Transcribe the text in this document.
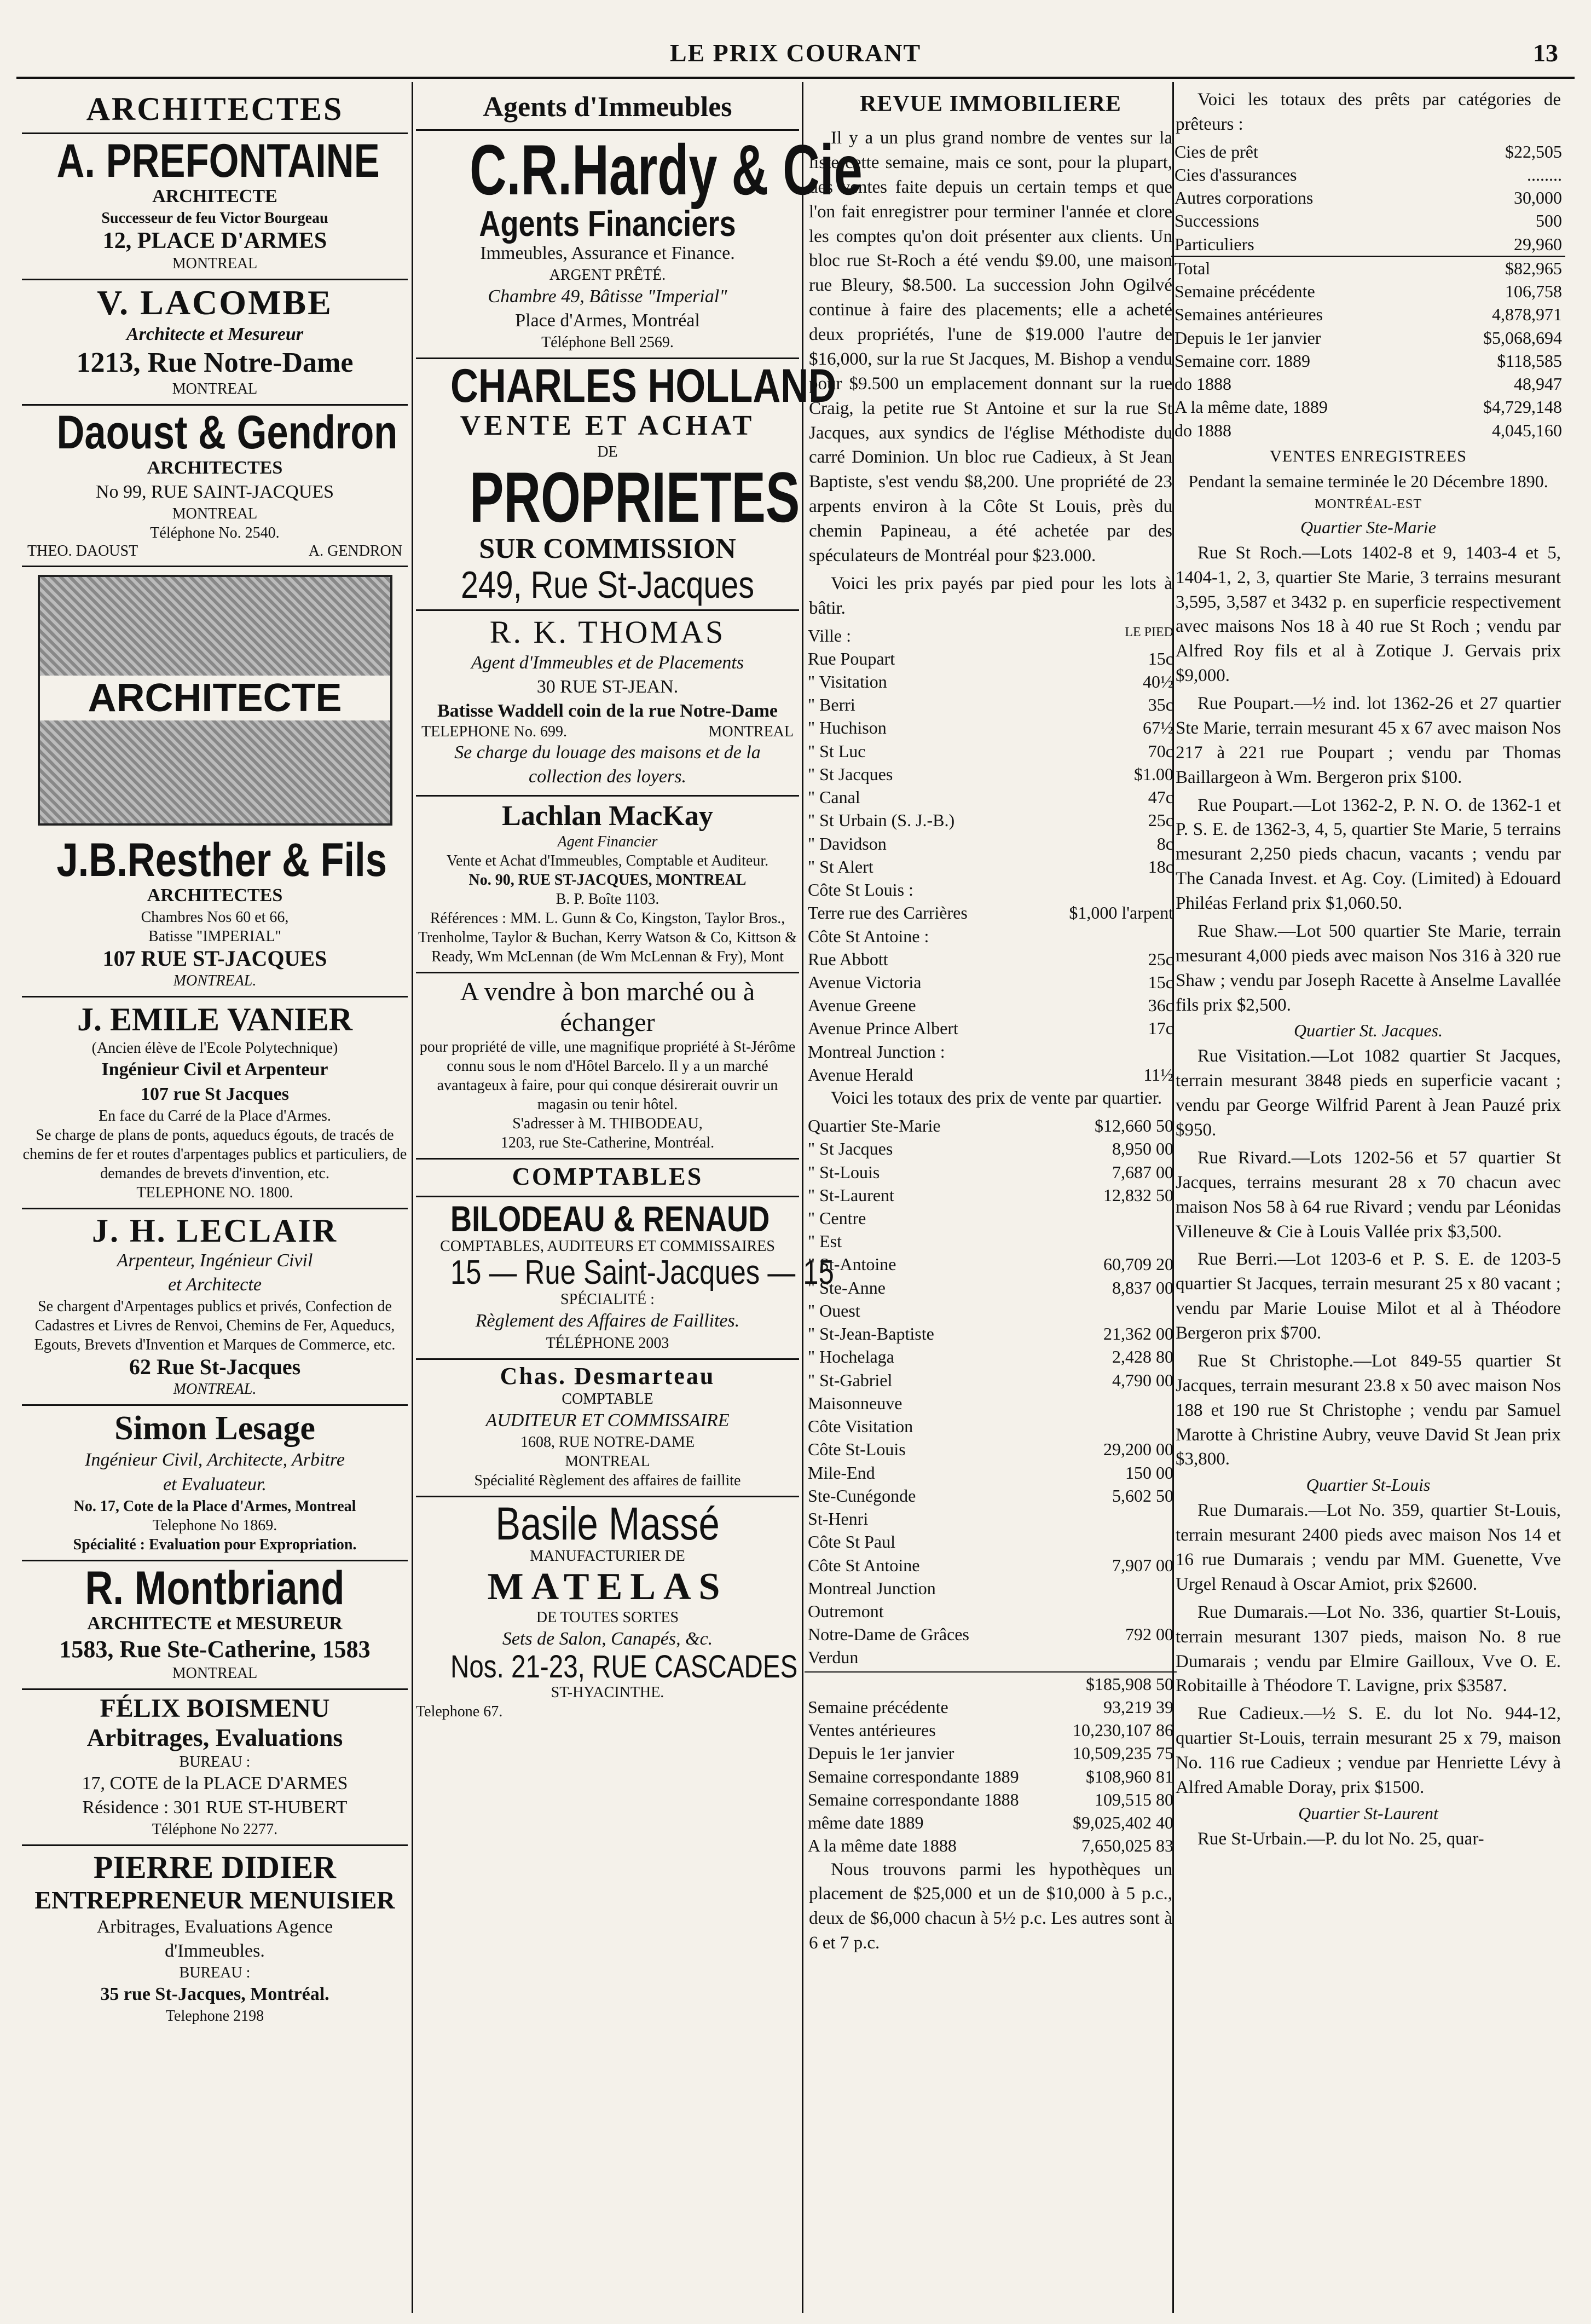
LE PRIX COURANT	13
ARCHITECTES
A. PREFONTAINE
ARCHITECTE
Successeur de feu Victor Bourgeau
12, PLACE D'ARMES
MONTREAL
V. LACOMBE
Architecte et Mesureur
1213, Rue Notre-Dame
MONTREAL
Daoust & Gendron
ARCHITECTES
No 99, RUE SAINT-JACQUES
MONTREAL
Téléphone No. 2540.
THEO. DAOUST	A. GENDRON
ARCHITECTE
J.B.Resther & Fils
ARCHITECTES
Chambres Nos 60 et 66,
Batisse "IMPERIAL"
107 RUE ST-JACQUES
MONTREAL.
J. EMILE VANIER
(Ancien élève de l'Ecole Polytechnique)
Ingénieur Civil et Arpenteur
107 rue St Jacques
En face du Carré de la Place d'Armes.
Se charge de plans de ponts, aqueducs égouts, de tracés de chemins de fer et routes d'arpentages publics et particuliers, de demandes de brevets d'invention, etc.
TELEPHONE NO. 1800.
J. H. LECLAIR
Arpenteur, Ingénieur Civil
et Architecte
Se chargent d'Arpentages publics et privés, Confection de Cadastres et Livres de Renvoi, Chemins de Fer, Aqueducs, Egouts, Brevets d'Invention et Marques de Commerce, etc.
62 Rue St-Jacques
MONTREAL.
Simon Lesage
Ingénieur Civil, Architecte, Arbitre
et Evaluateur.
No. 17, Cote de la Place d'Armes, Montreal
Telephone No 1869.
Spécialité : Evaluation pour Expropriation.
R. Montbriand
ARCHITECTE et MESUREUR
1583, Rue Ste-Catherine, 1583
MONTREAL
FÉLIX BOISMENU
Arbitrages, Evaluations
BUREAU :
17, COTE de la PLACE D'ARMES
Résidence : 301 RUE ST-HUBERT
Téléphone No 2277.
PIERRE DIDIER
ENTREPRENEUR MENUISIER
Arbitrages, Evaluations Agence
d'Immeubles.
BUREAU :
35 rue St-Jacques, Montréal.
Telephone 2198
Agents d'Immeubles
C.R.Hardy & Cie
Agents Financiers
Immeubles, Assurance et Finance.
ARGENT PRÊTÉ.
Chambre 49, Bâtisse "Imperial"
Place d'Armes, Montréal
Téléphone Bell 2569.
CHARLES HOLLAND
VENTE ET ACHAT
DE
PROPRIETES
SUR COMMISSION
249, Rue St-Jacques
R. K. THOMAS
Agent d'Immeubles et de Placements
30 RUE ST-JEAN.
Batisse Waddell coin de la rue Notre-Dame
TELEPHONE No. 699.	MONTREAL
Se charge du louage des maisons et de la collection des loyers.
Lachlan MacKay
Agent Financier
Vente et Achat d'Immeubles, Comptable et Auditeur.
No. 90, RUE ST-JACQUES, MONTREAL
B. P. Boîte 1103.
Références : MM. L. Gunn & Co, Kingston, Taylor Bros., Trenholme, Taylor & Buchan, Kerry Watson & Co, Kittson & Ready, Wm McLennan (de Wm McLennan & Fry), Mont
A vendre à bon marché ou à échanger
pour propriété de ville, une magnifique propriété à St-Jérôme connu sous le nom d'Hôtel Barcelo. Il y a un marché avantageux à faire, pour qui conque désirerait ouvrir un magasin ou tenir hôtel.
S'adresser à M. THIBODEAU,
1203, rue Ste-Catherine, Montréal.
COMPTABLES
BILODEAU & RENAUD
COMPTABLES, AUDITEURS ET COMMISSAIRES
15 — Rue Saint-Jacques — 15
SPÉCIALITÉ :
Règlement des Affaires de Faillites.
TÉLÉPHONE 2003
Chas. Desmarteau
COMPTABLE
AUDITEUR ET COMMISSAIRE
1608, RUE NOTRE-DAME
MONTREAL
Spécialité Règlement des affaires de faillite
Basile Massé
MANUFACTURIER DE
MATELAS
DE TOUTES SORTES
Sets de Salon, Canapés, &c.
Nos. 21-23, RUE CASCADES
ST-HYACINTHE.
Telephone 67.
REVUE IMMOBILIERE

Il y a un plus grand nombre de ventes sur la liste cette semaine, mais ce sont, pour la plupart, des ventes faite depuis un certain temps et que l'on fait enregistrer pour terminer l'année et clore les comptes qu'on doit présenter aux clients. Un bloc rue St-Roch a été vendu $9.00, une maison rue Bleury, $8.500. La succession John Ogilvé continue à faire des placements; elle a acheté deux propriétés, l'une de $19.000 l'autre de $16,000, sur la rue St Jacques, M. Bishop a vendu pour $9.500 un emplacement donnant sur la rue Craig, la petite rue St Antoine et sur la rue St Jacques, aux syndics de l'église Méthodiste du carré Dominion. Un bloc rue Cadieux, à St Jean Baptiste, s'est vendu $8,200. Une propriété de 23 arpents environ à la Côte St Louis, près du chemin Papineau, a été achetée par des spéculateurs de Montréal pour $23.000.

Voici les prix payés par pied pour les lots à bâtir.

Ville :	LE PIED
Rue Poupart	15c
" Visitation	40½
" Berri	35c
" Huchison	67½
" St Luc	70c
" St Jacques	$1.00
" Canal	47c
" St Urbain (S. J.-B.)	25c
" Davidson	8c
" St Alert	18c
Côte St Louis :	
Terre rue des Carrières	$1,000 l'arpent
Côte St Antoine :	
Rue Abbott	25c
Avenue Victoria	15c
Avenue Greene	36c
Avenue Prince Albert	17c
Montreal Junction :	
Avenue Herald	11½

Voici les totaux des prix de vente par quartier.

Quartier Ste-Marie	$12,660 50
" St Jacques	8,950 00
" St-Louis	7,687 00
" St-Laurent	12,832 50
" Centre	
" Est	
" St-Antoine	60,709 20
" Ste-Anne	8,837 00
" Ouest	
" St-Jean-Baptiste	21,362 00
" Hochelaga	2,428 80
" St-Gabriel	4,790 00
Maisonneuve	
Côte Visitation	
Côte St-Louis	29,200 00
Mile-End	150 00
Ste-Cunégonde	5,602 50
St-Henri	
Côte St Paul	
Côte St Antoine	7,907 00
Montreal Junction	
Outremont	
Notre-Dame de Grâces	792 00
Verdun	
	$185,908 50
Semaine précédente	93,219 39
Ventes antérieures	10,230,107 86
Depuis le 1er janvier	10,509,235 75
Semaine correspondante 1889	$108,960 81
Semaine correspondante 1888	109,515 80
même date 1889	$9,025,402 40
A la même date 1888	7,650,025 83

Nous trouvons parmi les hypothèques un placement de $25,000 et un de $10,000 à 5 p.c., deux de $6,000 chacun à 5½ p.c. Les autres sont à 6 et 7 p.c.

Voici les totaux des prêts par catégories de prêteurs :

Cies de prêt	$22,505
Cies d'assurances	........
Autres corporations	30,000
Successions	500
Particuliers	29,960
Total	$82,965
Semaine précédente	106,758
Semaines antérieures	4,878,971
Depuis le 1er janvier	$5,068,694
Semaine corr. 1889	$118,585
do 1888	48,947
A la même date, 1889	$4,729,148
do 1888	4,045,160
VENTES ENREGISTREES
Pendant la semaine terminée le 20 Décembre 1890.
MONTRÉAL-EST
Quartier Ste-Marie

Rue St Roch.—Lots 1402-8 et 9, 1403-4 et 5, 1404-1, 2, 3, quartier Ste Marie, 3 terrains mesurant 3,595, 3,587 et 3432 p. en superficie respectivement avec maisons Nos 18 à 40 rue St Roch ; vendu par Alfred Roy fils et al à Zotique J. Gervais prix $9,000.

Rue Poupart.—½ ind. lot 1362-26 et 27 quartier Ste Marie, terrain mesurant 45 x 67 avec maison Nos 217 à 221 rue Poupart ; vendu par Thomas Baillargeon à Wm. Bergeron prix $100.

Rue Poupart.—Lot 1362-2, P. N. O. de 1362-1 et P. S. E. de 1362-3, 4, 5, quartier Ste Marie, 5 terrains mesurant 2,250 pieds chacun, vacants ; vendu par The Canada Invest. et Ag. Coy. (Limited) à Edouard Philéas Ferland prix $1,060.50.

Rue Shaw.—Lot 500 quartier Ste Marie, terrain mesurant 4,000 pieds avec maison Nos 316 à 320 rue Shaw ; vendu par Joseph Racette à Anselme Lavallée fils prix $2,500.

Quartier St. Jacques.

Rue Visitation.—Lot 1082 quartier St Jacques, terrain mesurant 3848 pieds en superficie vacant ; vendu par George Wilfrid Parent à Jean Pauzé prix $950.

Rue Rivard.—Lots 1202-56 et 57 quartier St Jacques, terrains mesurant 28 x 70 chacun avec maison Nos 58 à 64 rue Rivard ; vendu par Léonidas Villeneuve & Cie à Louis Vallée prix $3,500.

Rue Berri.—Lot 1203-6 et P. S. E. de 1203-5 quartier St Jacques, terrain mesurant 25 x 80 vacant ; vendu par Marie Louise Milot et al à Théodore Bergeron prix $700.

Rue St Christophe.—Lot 849-55 quartier St Jacques, terrain mesurant 23.8 x 50 avec maison Nos 188 et 190 rue St Christophe ; vendu par Samuel Marotte à Christine Aubry, veuve David St Jean prix $3,800.

Quartier St-Louis

Rue Dumarais.—Lot No. 359, quartier St-Louis, terrain mesurant 2400 pieds avec maison Nos 14 et 16 rue Dumarais ; vendu par MM. Guenette, Vve Urgel Renaud à Oscar Amiot, prix $2600.

Rue Dumarais.—Lot No. 336, quartier St-Louis, terrain mesurant 1307 pieds, maison No. 8 rue Dumarais ; vendu par Elmire Gailloux, Vve O. E. Robitaille à Théodore T. Lavigne, prix $3587.

Rue Cadieux.—½ S. E. du lot No. 944-12, quartier St-Louis, terrain mesurant 25 x 79, maison No. 116 rue Cadieux ; vendue par Henriette Lévy à Alfred Amable Doray, prix $1500.

Quartier St-Laurent

Rue St-Urbain.—P. du lot No. 25, quar-
